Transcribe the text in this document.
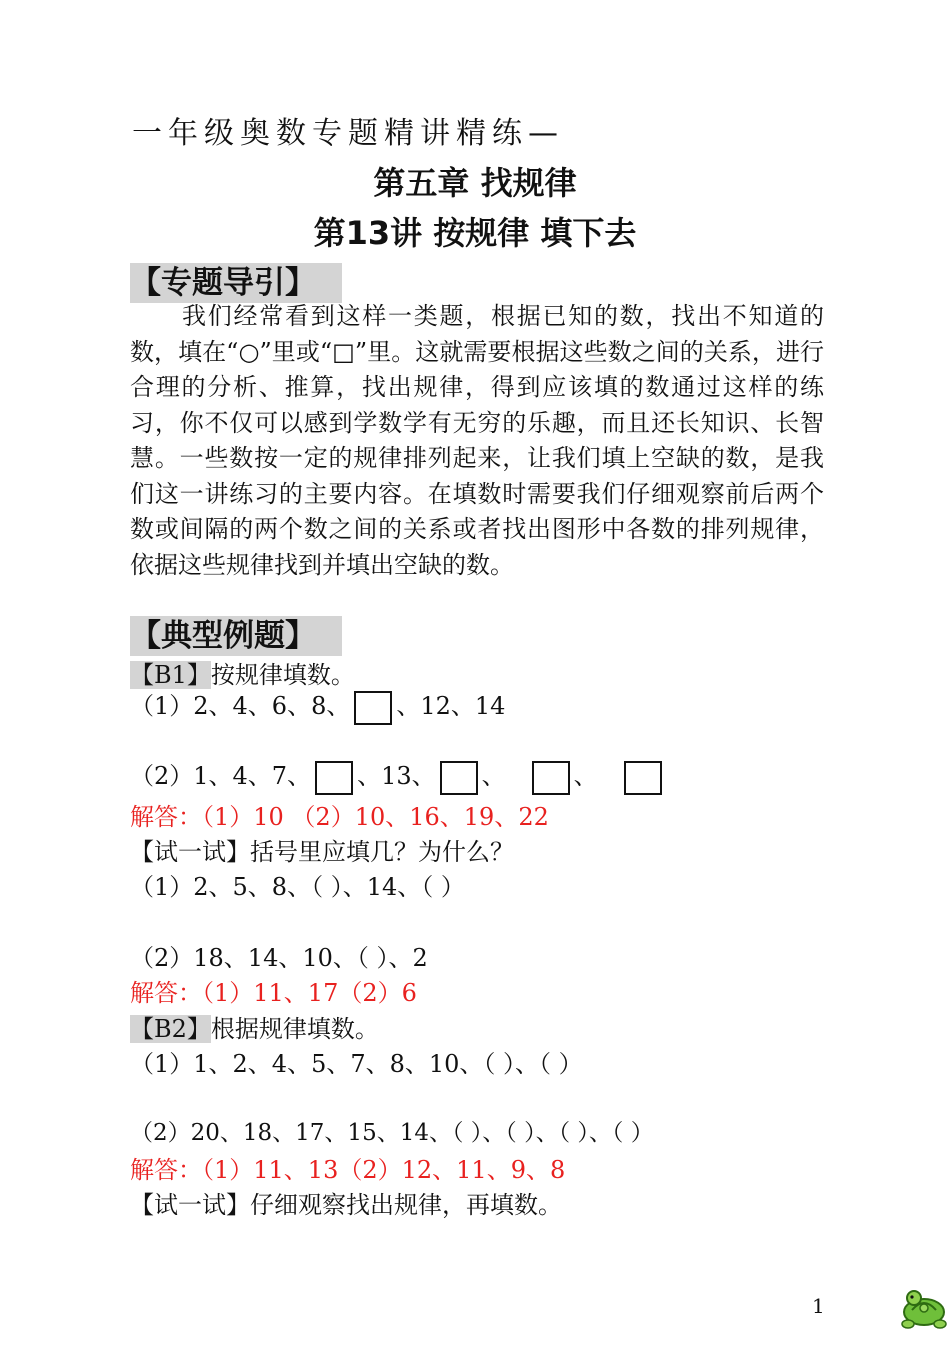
一年级奥数专题精讲精练—
第五章 找规律
第13讲 按规律 填下去
【专题导引】

我们经常看到这样一类题，根据已知的数，找出不知道的数，填在“○”里或“□”里。这就需要根据这些数之间的关系，进行合理的分析、推算，找出规律，得到应该填的数通过这样的练习，你不仅可以感到学数学有无穷的乐趣，而且还长知识、长智慧。一些数按一定的规律排列起来，让我们填上空缺的数，是我们这一讲练习的主要内容。在填数时需要我们仔细观察前后两个数或间隔的两个数之间的关系或者找出图形中各数的排列规律，依据这些规律找到并填出空缺的数。

【典型例题】
【B1】按规律填数。
（1）2、4、6、8、 、12、14
（2）1、4、7、 、13、 、	、
解答：（1）10 （2）10、16、19、22
【试一试】括号里应填几？为什么？
（1）2、5、8、（ ）、14、（ ）
（2）18、14、10、（ ）、2
解答：（1）11、17（2）6
【B2】根据规律填数。
（1）1、2、4、5、7、8、10、（ ）、（ ）
（2）20、18、17、15、14、（ ）、（ ）、（ ）、（ ）
解答：（1）11、13（2）12、11、9、8
【试一试】仔细观察找出规律，再填数。
1
